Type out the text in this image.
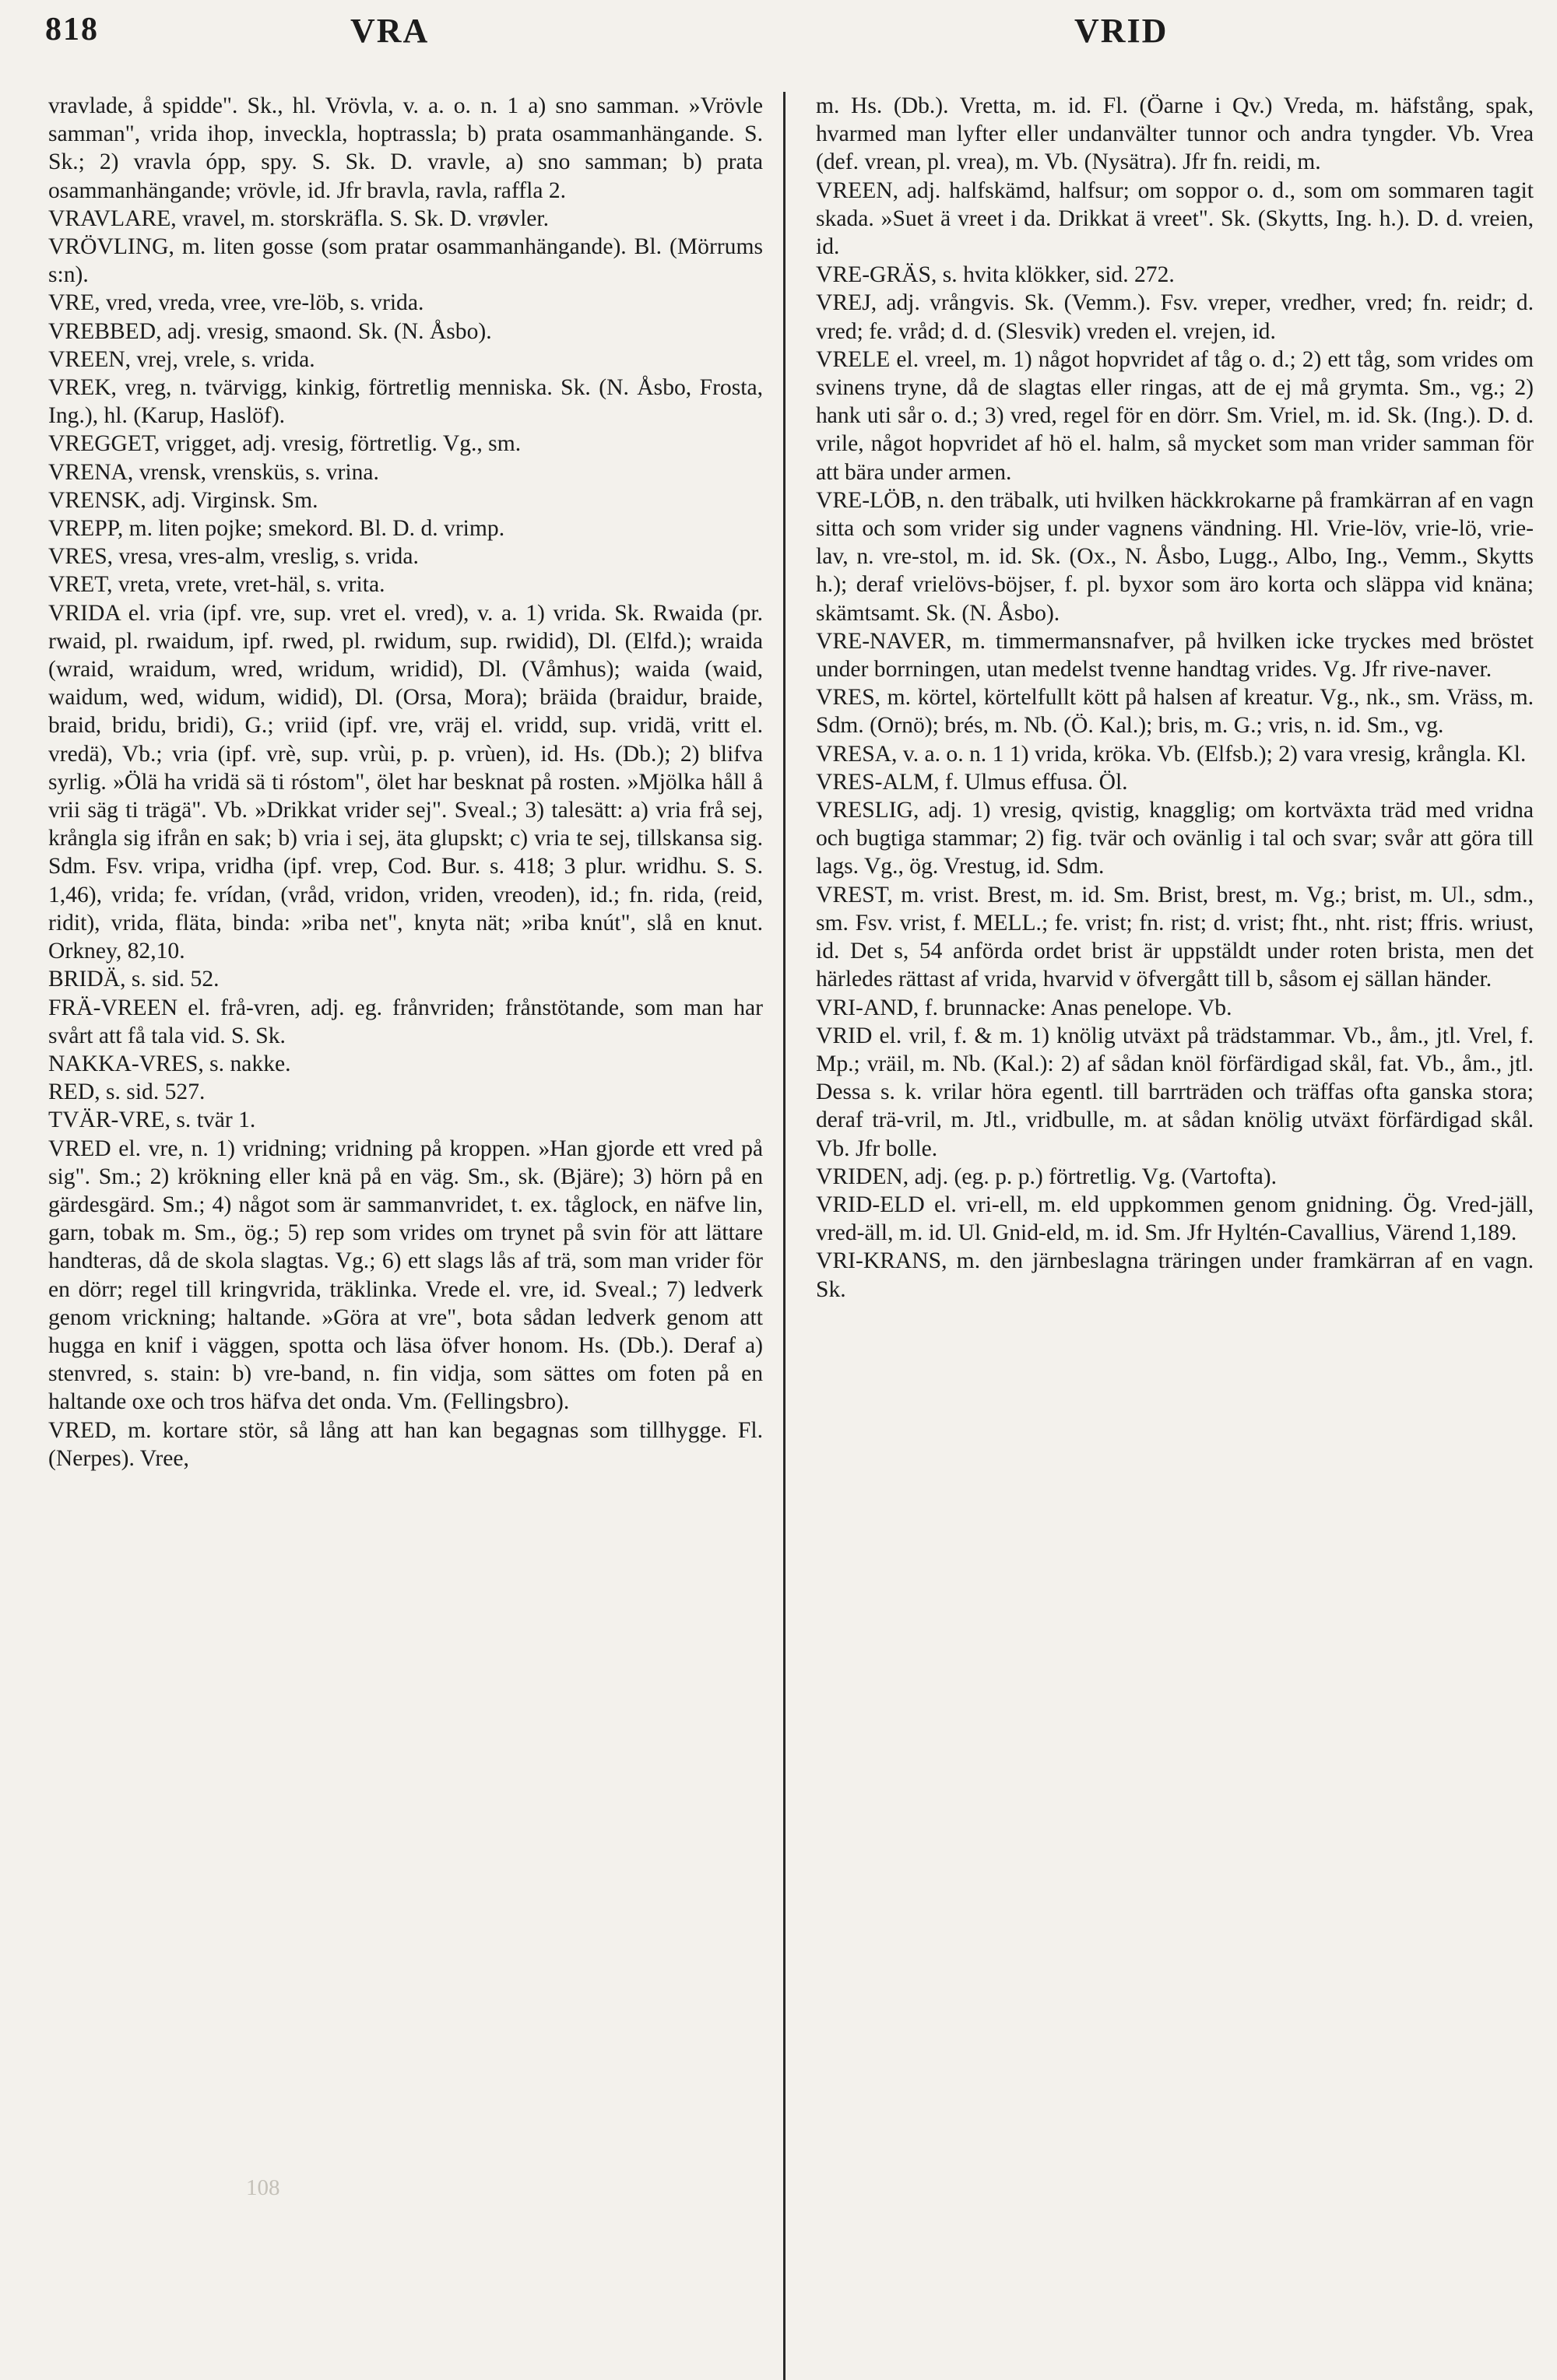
818	VRA	VRID
vravlade, å spidde". Sk., hl. Vrövla, v. a. o. n. 1 a) sno samman. »Vrövle samman", vrida ihop, inveckla, hoptrassla; b) prata osammanhängande. S. Sk.; 2) vravla ópp, spy. S. Sk. D. vravle, a) sno samman; b) prata osammanhängande; vrövle, id. Jfr bravla, ravla, raffla 2.
VRAVLARE, vravel, m. storskräfla. S. Sk. D. vrøvler.
VRÖVLING, m. liten gosse (som pratar osammanhängande). Bl. (Mörrums s:n).
VRE, vred, vreda, vree, vre-löb, s. vrida.
VREBBED, adj. vresig, smaond. Sk. (N. Åsbo).
VREEN, vrej, vrele, s. vrida.
VREK, vreg, n. tvärvigg, kinkig, förtretlig menniska. Sk. (N. Åsbo, Frosta, Ing.), hl. (Karup, Haslöf).
VREGGET, vrigget, adj. vresig, förtretlig. Vg., sm.
VRENA, vrensk, vrensküs, s. vrina.
VRENSK, adj. Virginsk. Sm.
VREPP, m. liten pojke; smekord. Bl. D. d. vrimp.
VRES, vresa, vres-alm, vreslig, s. vrida.
VRET, vreta, vrete, vret-häl, s. vrita.
VRIDA el. vria (ipf. vre, sup. vret el. vred), v. a. 1) vrida. Sk. Rwaida (pr. rwaid, pl. rwaidum, ipf. rwed, pl. rwidum, sup. rwidid), Dl. (Elfd.); wraida (wraid, wraidum, wred, wridum, wridid), Dl. (Våmhus); waida (waid, waidum, wed, widum, widid), Dl. (Orsa, Mora); bräida (braidur, braide, braid, bridu, bridi), G.; vriid (ipf. vre, vräj el. vridd, sup. vridä, vritt el. vredä), Vb.; vria (ipf. vrè, sup. vrùi, p. p. vrùen), id. Hs. (Db.); 2) blifva syrlig. »Ölä ha vridä sä ti róstom", ölet har besknat på rosten. »Mjölka håll å vrii säg ti trägä". Vb. »Drikkat vrider sej". Sveal.; 3) talesätt: a) vria frå sej, krångla sig ifrån en sak; b) vria i sej, äta glupskt; c) vria te sej, tillskansa sig. Sdm. Fsv. vripa, vridha (ipf. vrep, Cod. Bur. s. 418; 3 plur. wridhu. S. S. 1,46), vrida; fe. vrídan, (vråd, vridon, vriden, vreoden), id.; fn. rida, (reid, ridit), vrida, fläta, binda: »riba net", knyta nät; »riba knút", slå en knut. Orkney, 82,10.
BRIDÄ, s. sid. 52.
FRÄ-VREEN el. frå-vren, adj. eg. frånvriden; frånstötande, som man har svårt att få tala vid. S. Sk.
NAKKA-VRES, s. nakke.
RED, s. sid. 527.
TVÄR-VRE, s. tvär 1.
VRED el. vre, n. 1) vridning; vridning på kroppen. »Han gjorde ett vred på sig". Sm.; 2) krökning eller knä på en väg. Sm., sk. (Bjäre); 3) hörn på en gärdesgärd. Sm.; 4) något som är sammanvridet, t. ex. tåglock, en näfve lin, garn, tobak m. Sm., ög.; 5) rep som vrides om trynet på svin för att lättare handteras, då de skola slagtas. Vg.; 6) ett slags lås af trä, som man vrider för en dörr; regel till kringvrida, träklinka. Vrede el. vre, id. Sveal.; 7) ledverk genom vrickning; haltande. »Göra at vre", bota sådan ledverk genom att hugga en knif i väggen, spotta och läsa öfver honom. Hs. (Db.). Deraf a) stenvred, s. stain: b) vre-band, n. fin vidja, som sättes om foten på en haltande oxe och tros häfva det onda. Vm. (Fellingsbro).
VRED, m. kortare stör, så lång att han kan begagnas som tillhygge. Fl. (Nerpes). Vree,
m. Hs. (Db.). Vretta, m. id. Fl. (Öarne i Qv.) Vreda, m. häfstång, spak, hvarmed man lyfter eller undanvälter tunnor och andra tyngder. Vb. Vrea (def. vrean, pl. vrea), m. Vb. (Nysätra). Jfr fn. reidi, m.
VREEN, adj. halfskämd, halfsur; om soppor o. d., som om sommaren tagit skada. »Suet ä vreet i da. Drikkat ä vreet". Sk. (Skytts, Ing. h.). D. d. vreien, id.
VRE-GRÄS, s. hvita klökker, sid. 272.
VREJ, adj. vrångvis. Sk. (Vemm.). Fsv. vreper, vredher, vred; fn. reidr; d. vred; fe. vråd; d. d. (Slesvik) vreden el. vrejen, id.
VRELE el. vreel, m. 1) något hopvridet af tåg o. d.; 2) ett tåg, som vrides om svinens tryne, då de slagtas eller ringas, att de ej må grymta. Sm., vg.; 2) hank uti sår o. d.; 3) vred, regel för en dörr. Sm. Vriel, m. id. Sk. (Ing.). D. d. vrile, något hopvridet af hö el. halm, så mycket som man vrider samman för att bära under armen.
VRE-LÖB, n. den träbalk, uti hvilken häckkrokarne på framkärran af en vagn sitta och som vrider sig under vagnens vändning. Hl. Vrie-löv, vrie-lö, vrie-lav, n. vre-stol, m. id. Sk. (Ox., N. Åsbo, Lugg., Albo, Ing., Vemm., Skytts h.); deraf vrielövs-böjser, f. pl. byxor som äro korta och släppa vid knäna; skämtsamt. Sk. (N. Åsbo).
VRE-NAVER, m. timmermansnafver, på hvilken icke tryckes med bröstet under borrningen, utan medelst tvenne handtag vrides. Vg. Jfr rive-naver.
VRES, m. körtel, körtelfullt kött på halsen af kreatur. Vg., nk., sm. Vräss, m. Sdm. (Ornö); brés, m. Nb. (Ö. Kal.); bris, m. G.; vris, n. id. Sm., vg.
VRESA, v. a. o. n. 1 1) vrida, kröka. Vb. (Elfsb.); 2) vara vresig, krångla. Kl.
VRES-ALM, f. Ulmus effusa. Öl.
VRESLIG, adj. 1) vresig, qvistig, knagglig; om kortväxta träd med vridna och bugtiga stammar; 2) fig. tvär och ovänlig i tal och svar; svår att göra till lags. Vg., ög. Vrestug, id. Sdm.
VREST, m. vrist. Brest, m. id. Sm. Brist, brest, m. Vg.; brist, m. Ul., sdm., sm. Fsv. vrist, f. MELL.; fe. vrist; fn. rist; d. vrist; fht., nht. rist; ffris. wriust, id. Det s, 54 anförda ordet brist är uppstäldt under roten brista, men det härledes rättast af vrida, hvarvid v öfvergått till b, såsom ej sällan händer.
VRI-AND, f. brunnacke: Anas penelope. Vb.
VRID el. vril, f. & m. 1) knölig utväxt på trädstammar. Vb., åm., jtl. Vrel, f. Mp.; vräil, m. Nb. (Kal.): 2) af sådan knöl förfärdigad skål, fat. Vb., åm., jtl. Dessa s. k. vrilar höra egentl. till barrträden och träffas ofta ganska stora; deraf trä-vril, m. Jtl., vridbulle, m. at sådan knölig utväxt förfärdigad skål. Vb. Jfr bolle.
VRIDEN, adj. (eg. p. p.) förtretlig. Vg. (Vartofta).
VRID-ELD el. vri-ell, m. eld uppkommen genom gnidning. Ög. Vred-jäll, vred-äll, m. id. Ul. Gnid-eld, m. id. Sm. Jfr Hyltén-Cavallius, Värend 1,189.
VRI-KRANS, m. den järnbeslagna träringen under framkärran af en vagn. Sk.
108
